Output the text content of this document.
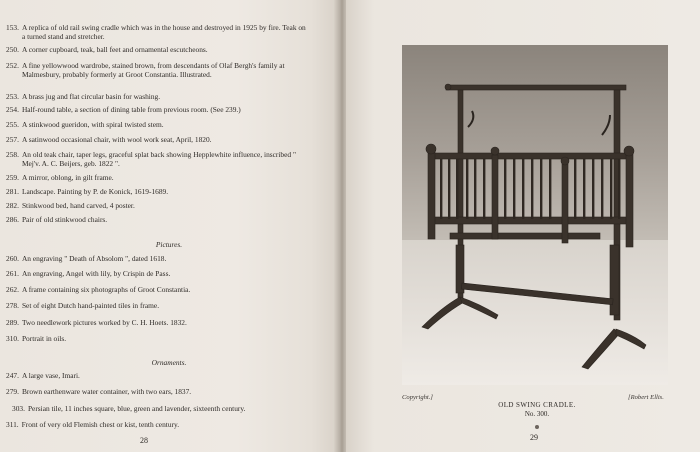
153. A replica of old rail swing cradle which was in the house and destroyed in 1925 by fire. Teak on a turned stand and stretcher.
250. A corner cupboard, teak, ball feet and ornamental escutcheons.
252. A fine yellowwood wardrobe, stained brown, from descendants of Olaf Bergh's family at Malmesbury, probably formerly at Groot Constantia. Illustrated.
253. A brass jug and flat circular basin for washing.
254. Half-round table, a section of dining table from previous room. (See 239.)
255. A stinkwood gueridon, with spiral twisted stem.
257. A satinwood occasional chair, with wool work seat, April, 1820.
258. An old teak chair, taper legs, graceful splat back showing Hepplewhite influence, inscribed " Mej'v. A. C. Beijers, geb. 1822 ".
259. A mirror, oblong, in gilt frame.
281. Landscape. Painting by P. de Konick, 1619-1689.
282. Stinkwood bed, hand carved, 4 poster.
286. Pair of old stinkwood chairs.
Pictures.
260. An engraving " Death of Absolom ", dated 1618.
261. An engraving, Angel with lily, by Crispin de Pass.
262. A frame containing six photographs of Groot Constantia.
278. Set of eight Dutch hand-painted tiles in frame.
289. Two needlework pictures worked by C. H. Hoets. 1832.
310. Portrait in oils.
Ornaments.
247. A large vase, Imari.
279. Brown earthenware water container, with two ears, 1837.
303. Persian tile, 11 inches square, blue, green and lavender, sixteenth century.
311. Front of very old Flemish chest or kist, tenth century.
28
Copyright.]	[Robert Ellis.
OLD SWING CRADLE.
No. 300.
29
